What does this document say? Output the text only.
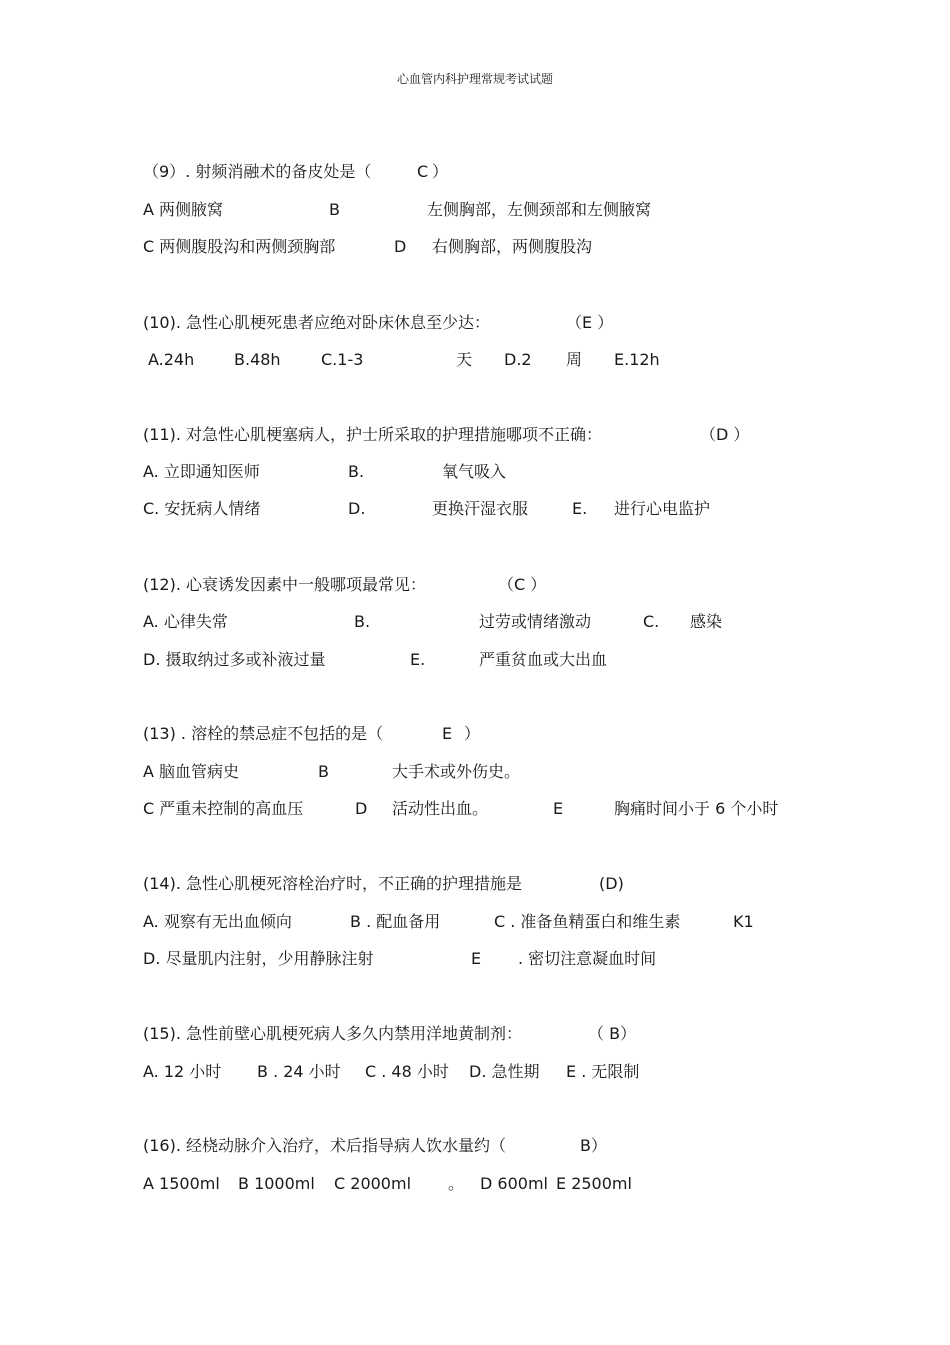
心血管内科护理常规考试试题
（9）. 射频消融术的备皮处是（	C ）
A 两侧腋窝	B	左侧胸部，左侧颈部和左侧腋窝
C 两侧腹股沟和两侧颈胸部	D 右侧胸部，两侧腹股沟
(10). 急性心肌梗死患者应绝对卧床休息至少达：	（E ）
A.24h B.48h	C.1-3	天 D.2 周 E.12h
(11). 对急性心肌梗塞病人，护士所采取的护理措施哪项不正确：	（D ）
A. 立即通知医师	B.	氧气吸入
C. 安抚病人情绪	D.	更换汗湿衣服	E. 进行心电监护
(12). 心衰诱发因素中一般哪项最常见：	（C ）
A. 心律失常	B.	过劳或情绪激动	C. 感染
D. 摄取纳过多或补液过量	E.	严重贫血或大出血
(13) . 溶栓的禁忌症不包括的是（	E ）
A 脑血管病史	B	大手术或外伤史。
C 严重未控制的高血压	D 活动性出血。	E	胸痛时间小于 6 个小时
(14). 急性心肌梗死溶栓治疗时，不正确的护理措施是	(D)
A. 观察有无出血倾向	B . 配血备用	C . 准备鱼精蛋白和维生素	K1
D. 尽量肌内注射，少用静脉注射	E . 密切注意凝血时间
(15). 急性前壁心肌梗死病人多久内禁用洋地黄制剂：	（ B）
A. 12 小时 B . 24 小时 C . 48 小时 D. 急性期 E . 无限制
(16). 经桡动脉介入治疗，术后指导病人饮水量约（	B）
A 1500ml B 1000ml C 2000ml 。 D 600ml E 2500ml
